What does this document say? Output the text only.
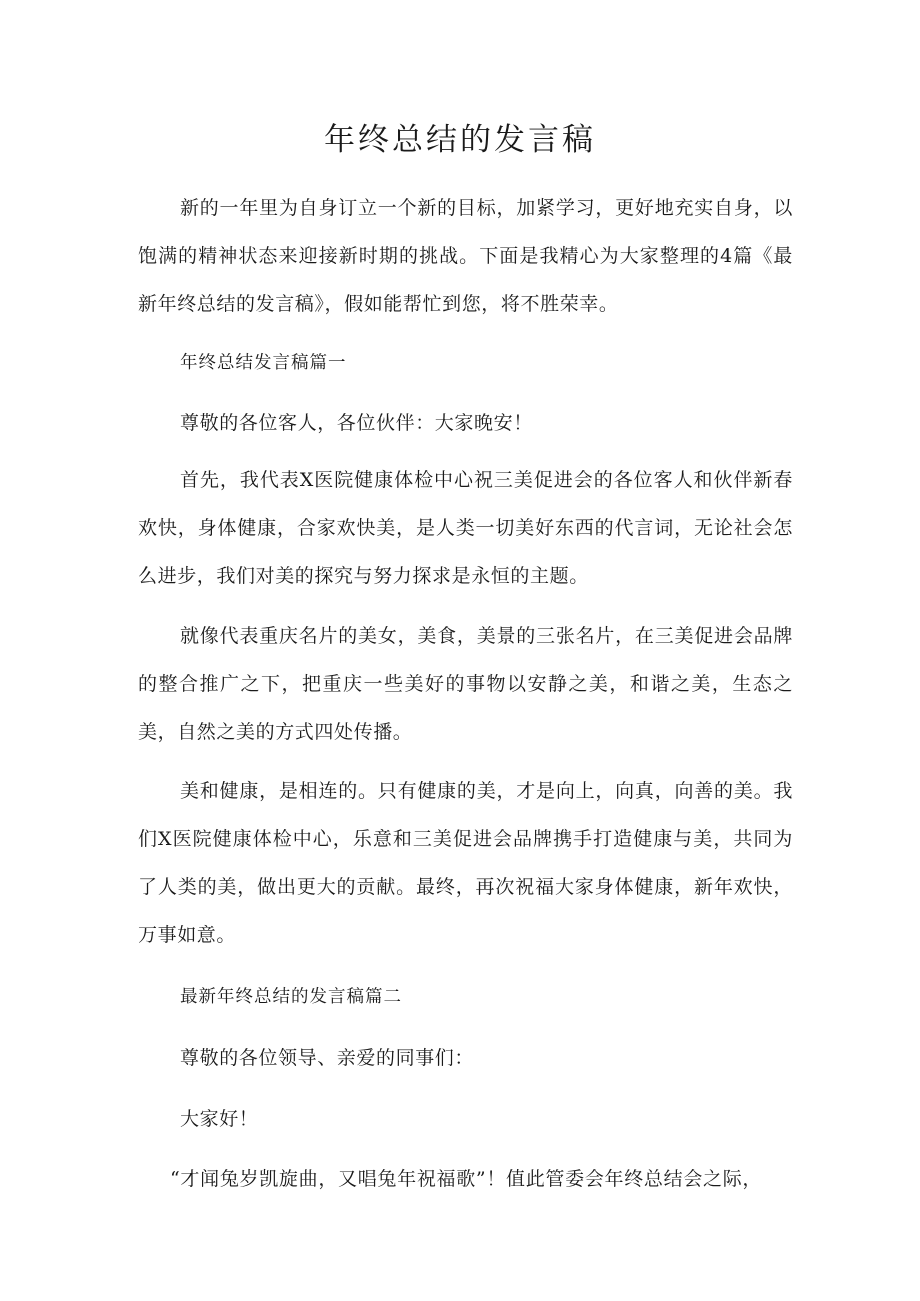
年终总结的发言稿

新的一年里为自身订立一个新的目标，加紧学习，更好地充实自身，以饱满的精神状态来迎接新时期的挑战。下面是我精心为大家整理的4篇《最新年终总结的发言稿》，假如能帮忙到您，将不胜荣幸。

年终总结发言稿篇一

尊敬的各位客人，各位伙伴：大家晚安！

首先，我代表X医院健康体检中心祝三美促进会的各位客人和伙伴新春欢快，身体健康，合家欢快美，是人类一切美好东西的代言词，无论社会怎么进步，我们对美的探究与努力探求是永恒的主题。

就像代表重庆名片的美女，美食，美景的三张名片，在三美促进会品牌的整合推广之下，把重庆一些美好的事物以安静之美，和谐之美，生态之美，自然之美的方式四处传播。

美和健康，是相连的。只有健康的美，才是向上，向真，向善的美。我们X医院健康体检中心，乐意和三美促进会品牌携手打造健康与美，共同为了人类的美，做出更大的贡献。最终，再次祝福大家身体健康，新年欢快，万事如意。

最新年终总结的发言稿篇二

尊敬的各位领导、亲爱的同事们：

大家好！

“才闻兔岁凯旋曲，又唱兔年祝福歌”！值此管委会年终总结会之际，
